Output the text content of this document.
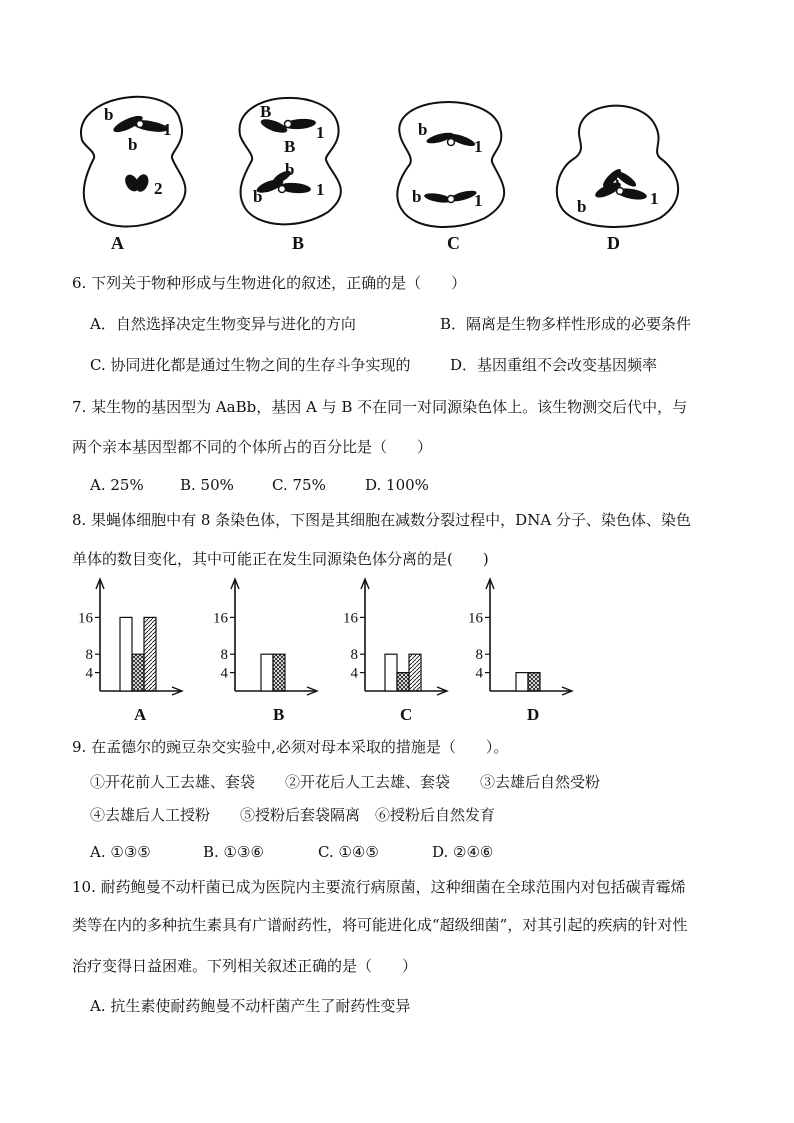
b
b
1
2
B
B
1
b
b
1
b
1
b	1	b
b
1
A	B	C	D
6. 下列关于物种形成与生物进化的叙述，正确的是（　　）
A．自然选择决定生物变异与进化的方向	B．隔离是生物多样性形成的必要条件
C. 协同进化都是通过生物之间的生存斗争实现的	D．基因重组不会改变基因频率
7. 某生物的基因型为 AaBb，基因 A 与 B 不在同一对同源染色体上。该生物测交后代中，与
两个亲本基因型都不同的个体所占的百分比是（　　）
A. 25% B. 50%	C. 75%	D. 100%
8. 果蝇体细胞中有 8 条染色体，下图是其细胞在减数分裂过程中，DNA 分子、染色体、染色
单体的数目变化，其中可能正在发生同源染色体分离的是(　　)
4
8
16
4
8
16
4
8
16
4
8
16
A	B	C	D
9. 在孟德尔的豌豆杂交实验中,必须对母本采取的措施是（　　）。
①开花前人工去雄、套袋　　②开花后人工去雄、套袋　　③去雄后自然受粉
④去雄后人工授粉　　⑤授粉后套袋隔离　⑥授粉后自然发育
A. ①③⑤	B. ①③⑥	C. ①④⑤	D. ②④⑥
10. 耐药鲍曼不动杆菌已成为医院内主要流行病原菌，这种细菌在全球范围内对包括碳青霉烯
类等在内的多种抗生素具有广谱耐药性，将可能进化成“超级细菌”，对其引起的疾病的针对性
治疗变得日益困难。下列相关叙述正确的是（　　）
A. 抗生素使耐药鲍曼不动杆菌产生了耐药性变异
